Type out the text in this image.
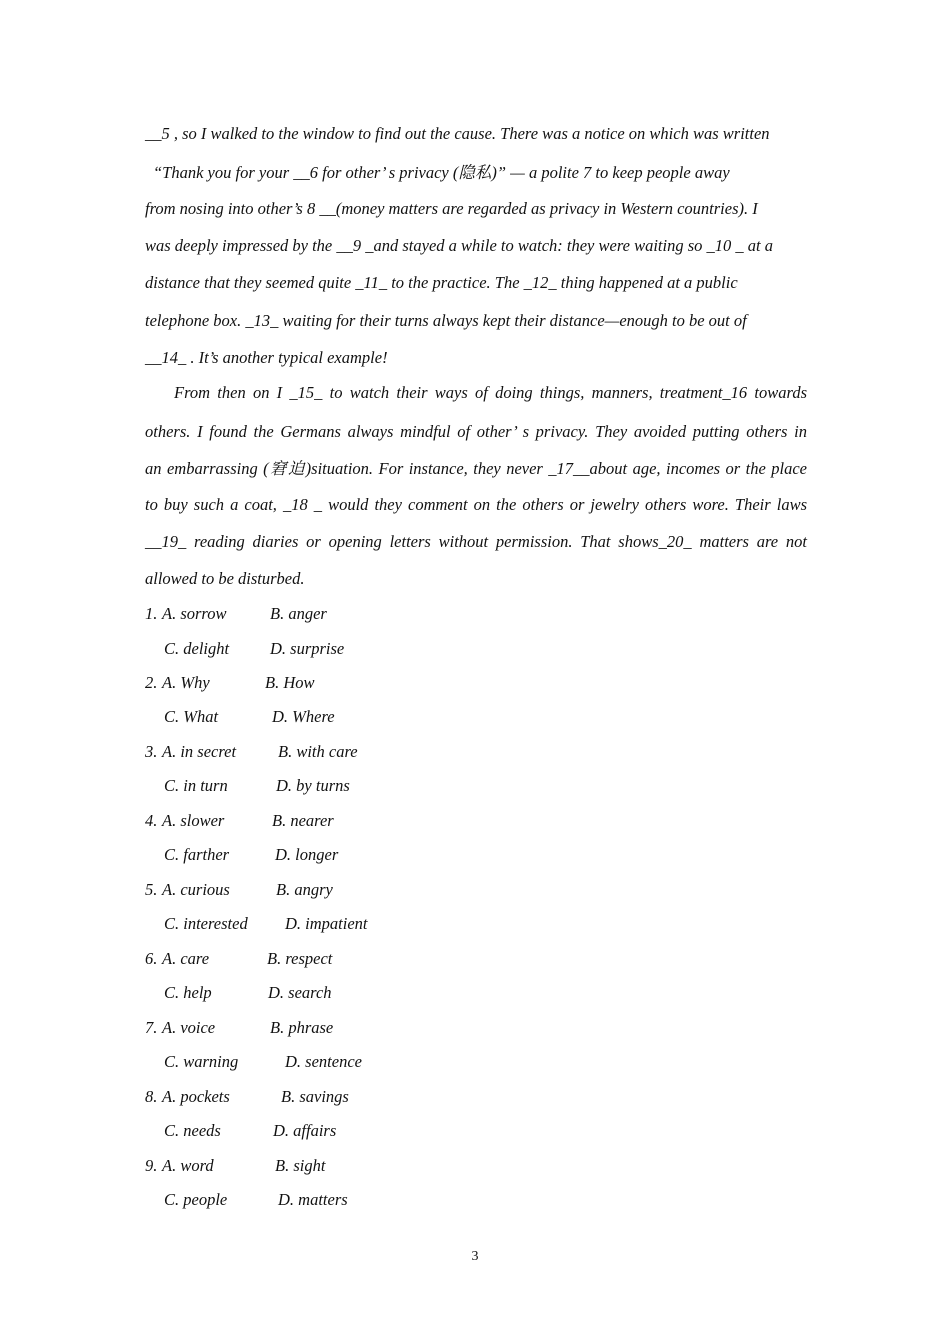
__5 , so I walked to the window to find out the cause. There was a notice on which was written
“Thank you for your __6 for other’ s privacy (隐私)” — a polite 7 to keep people away
from nosing into other’s 8 __(money matters are regarded as privacy in Western countries). I
was deeply impressed by the __9 _and stayed a while to watch: they were waiting so _10 _ at a
distance that they seemed quite _11_ to the practice. The _12_ thing happened at a public
telephone box. _13_ waiting for their turns always kept their distance—enough to be out of
__14_ . It’s another typical example!
From then on I _15_ to watch their ways of doing things, manners, treatment_16 towards
others. I found the Germans always mindful of other’ s privacy. They avoided putting others in
an embarrassing (窘迫)situation. For instance, they never _17__about age, incomes or the place
to buy such a coat, _18 _ would they comment on the others or jewelry others wore. Their laws
__19_ reading diaries or opening letters without permission. That shows_20_ matters are not
allowed to be disturbed.
1. A. sorrow	B. anger
C. delight D. surprise
2. A. Why	B. How
C. What	D. Where
3. A. in secret	B. with care
C. in turn	D. by turns
4. A. slower	B. nearer
C. farther	D. longer
5. A. curious	B. angry
C. interested D. impatient
6. A. care	B. respect
C. help	D. search
7. A. voice	B. phrase
C. warning	D. sentence
8. A. pockets	B. savings
C. needs	D. affairs
9. A. word	B. sight
C. people	D. matters
3
